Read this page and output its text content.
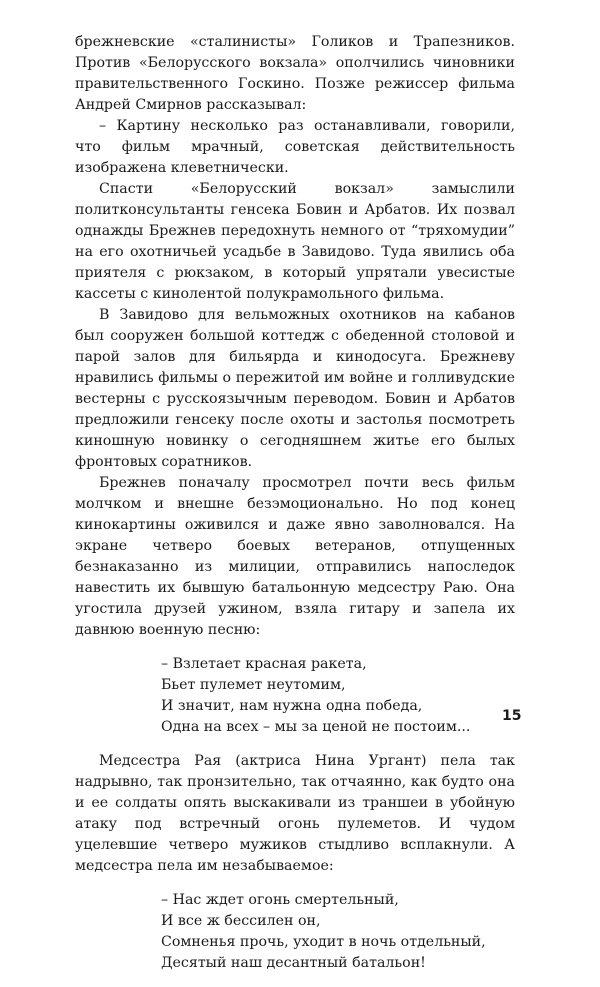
брежневские «сталинисты» Голиков и Трапезников. Против «Белорусского вокзала» ополчились чиновники правительственного Госкино. Позже режиссер фильма Андрей Смирнов рассказывал:

– Картину несколько раз останавливали, говорили, что фильм мрачный, советская действительность изображена клеветнически.

Спасти «Белорусский вокзал» замыслили политконсультанты генсека Бовин и Арбатов. Их позвал однажды Брежнев передохнуть немного от “тряхомудии” на его охотничьей усадьбе в Завидово. Туда явились оба приятеля с рюкзаком, в который упрятали увесистые кассеты с кинолентой полукрамольного фильма.

В Завидово для вельможных охотников на кабанов был сооружен большой коттедж с обеденной столовой и парой залов для бильярда и кинодосуга. Брежневу нравились фильмы о пережитой им войне и голливудские вестерны с русскоязычным переводом. Бовин и Арбатов предложили генсеку после охоты и застолья посмотреть киношную новинку о сегодняшнем житье его былых фронтовых соратников.

Брежнев поначалу просмотрел почти весь фильм молчком и внешне безэмоционально. Но под конец кинокартины оживился и даже явно заволновался. На экране четверо боевых ветеранов, отпущенных безнаказанно из милиции, отправились напоследок навестить их бывшую батальонную медсестру Раю. Она угостила друзей ужином, взяла гитару и запела их давнюю военную песню:

– Взлетает красная ракета,
Бьет пулемет неутомим,
И значит, нам нужна одна победа,
Одна на всех – мы за ценой не постоим...

Медсестра Рая (актриса Нина Ургант) пела так надрывно, так пронзительно, так отчаянно, как будто она и ее солдаты опять выскакивали из траншеи в убойную атаку под встречный огонь пулеметов. И чудом уцелевшие четверо мужиков стыдливо всплакнули. А медсестра пела им незабываемое:

– Нас ждет огонь смертельный,
И все ж бессилен он,
Сомненья прочь, уходит в ночь отдельный,
Десятый наш десантный батальон!
15
